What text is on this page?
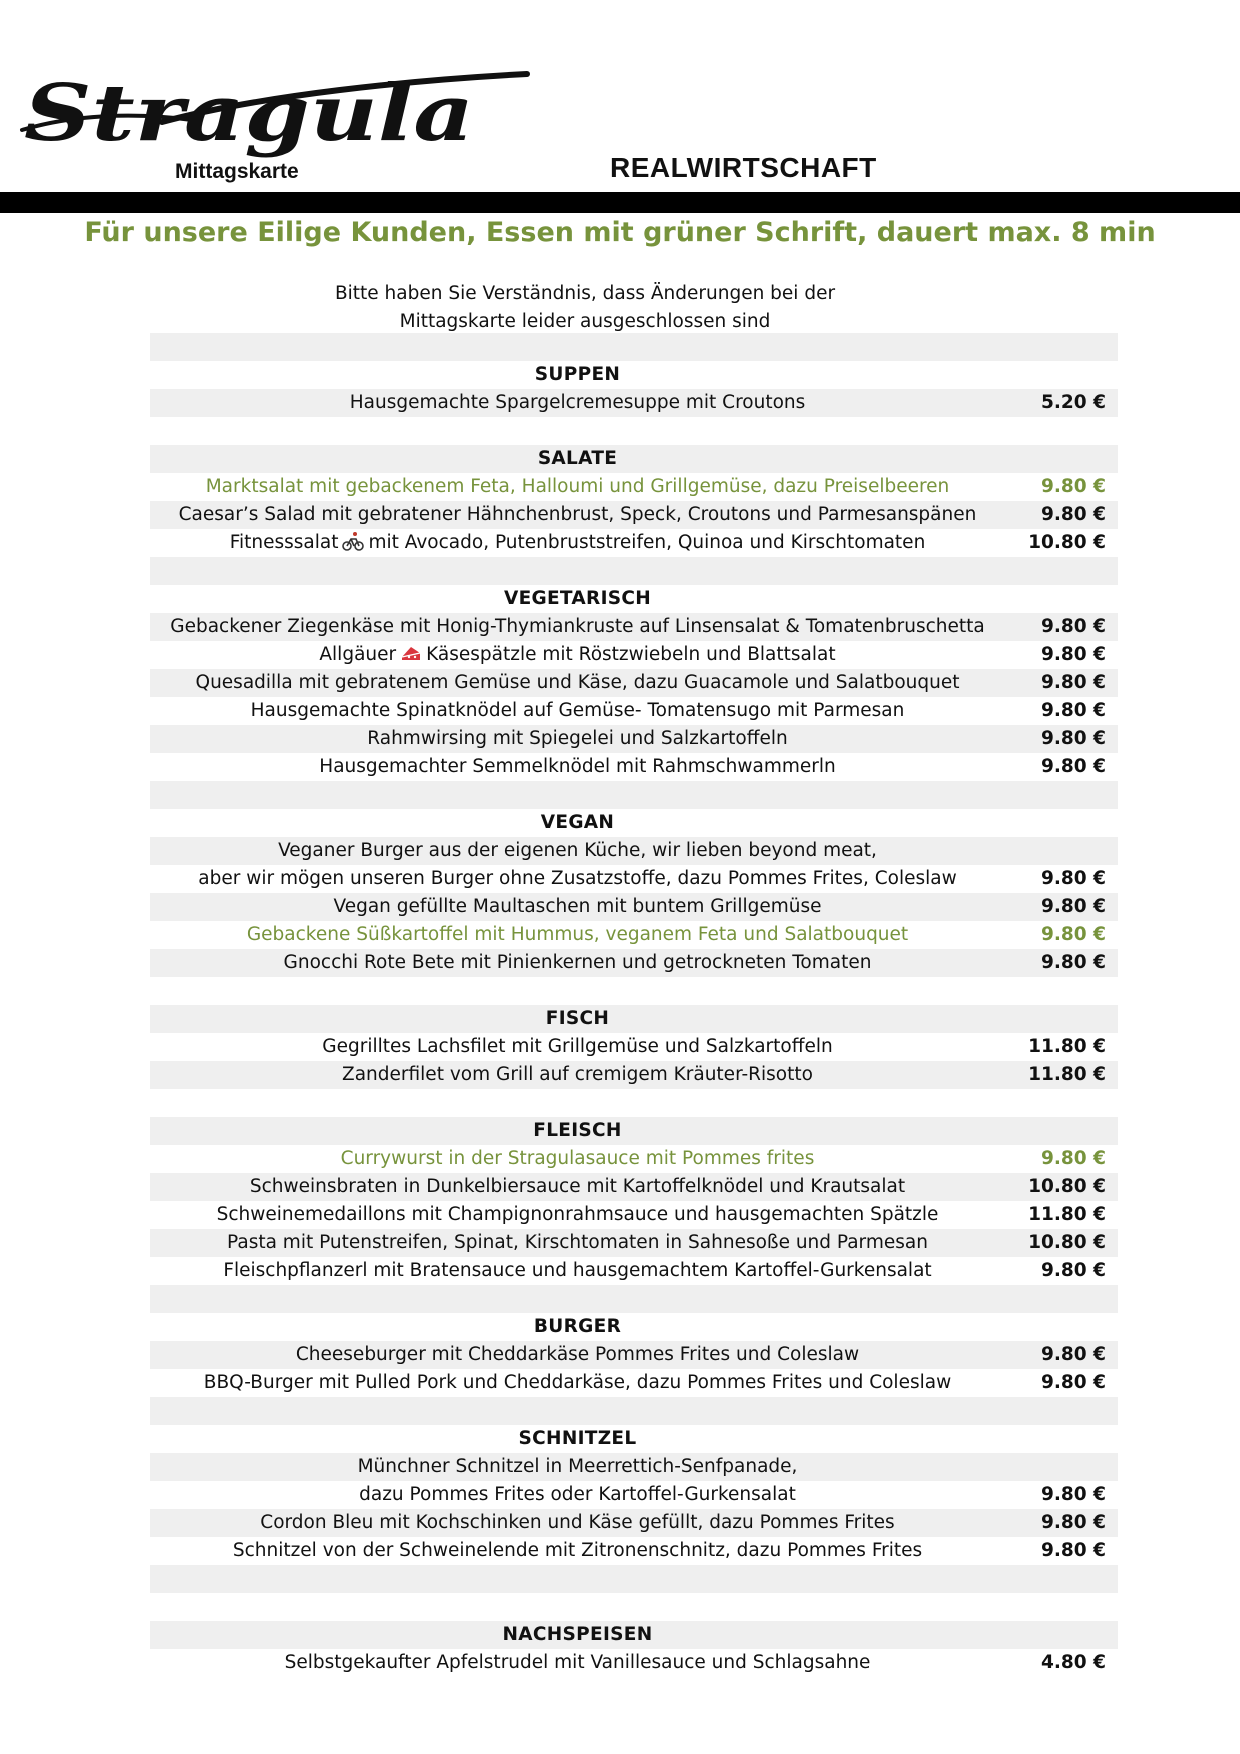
Stragula
Mittagskarte	REALWIRTSCHAFT
Für unsere Eilige Kunden, Essen mit grüner Schrift, dauert max. 8 min
Bitte haben Sie Verständnis, dass Änderungen bei der
Mittagskarte leider ausgeschlossen sind
SUPPEN
Hausgemachte Spargelcremesuppe mit Croutons	5.20 €
SALATE
Marktsalat mit gebackenem Feta, Halloumi und Grillgemüse, dazu Preiselbeeren	9.80 €
Caesar’s Salad mit gebratener Hähnchenbrust, Speck, Croutons und Parmesanspänen	9.80 €
Fitnesssalat mit Avocado, Putenbruststreifen, Quinoa und Kirschtomaten	10.80 €
VEGETARISCH
Gebackener Ziegenkäse mit Honig-Thymiankruste auf Linsensalat & Tomatenbruschetta	9.80 €
Allgäuer Käsespätzle mit Röstzwiebeln und Blattsalat	9.80 €
Quesadilla mit gebratenem Gemüse und Käse, dazu Guacamole und Salatbouquet	9.80 €
Hausgemachte Spinatknödel auf Gemüse- Tomatensugo mit Parmesan	9.80 €
Rahmwirsing mit Spiegelei und Salzkartoffeln	9.80 €
Hausgemachter Semmelknödel mit Rahmschwammerln	9.80 €
VEGAN
Veganer Burger aus der eigenen Küche, wir lieben beyond meat,
aber wir mögen unseren Burger ohne Zusatzstoffe, dazu Pommes Frites, Coleslaw	9.80 €
Vegan gefüllte Maultaschen mit buntem Grillgemüse	9.80 €
Gebackene Süßkartoffel mit Hummus, veganem Feta und Salatbouquet	9.80 €
Gnocchi Rote Bete mit Pinienkernen und getrockneten Tomaten	9.80 €
FISCH
Gegrilltes Lachsfilet mit Grillgemüse und Salzkartoffeln	11.80 €
Zanderfilet vom Grill auf cremigem Kräuter-Risotto	11.80 €
FLEISCH
Currywurst in der Stragulasauce mit Pommes frites	9.80 €
Schweinsbraten in Dunkelbiersauce mit Kartoffelknödel und Krautsalat	10.80 €
Schweinemedaillons mit Champignonrahmsauce und hausgemachten Spätzle	11.80 €
Pasta mit Putenstreifen, Spinat, Kirschtomaten in Sahnesoße und Parmesan	10.80 €
Fleischpflanzerl mit Bratensauce und hausgemachtem Kartoffel-Gurkensalat	9.80 €
BURGER
Cheeseburger mit Cheddarkäse Pommes Frites und Coleslaw	9.80 €
BBQ-Burger mit Pulled Pork und Cheddarkäse, dazu Pommes Frites und Coleslaw	9.80 €
SCHNITZEL
Münchner Schnitzel in Meerrettich-Senfpanade,
dazu Pommes Frites oder Kartoffel-Gurkensalat	9.80 €
Cordon Bleu mit Kochschinken und Käse gefüllt, dazu Pommes Frites	9.80 €
Schnitzel von der Schweinelende mit Zitronenschnitz, dazu Pommes Frites	9.80 €
NACHSPEISEN
Selbstgekaufter Apfelstrudel mit Vanillesauce und Schlagsahne	4.80 €
